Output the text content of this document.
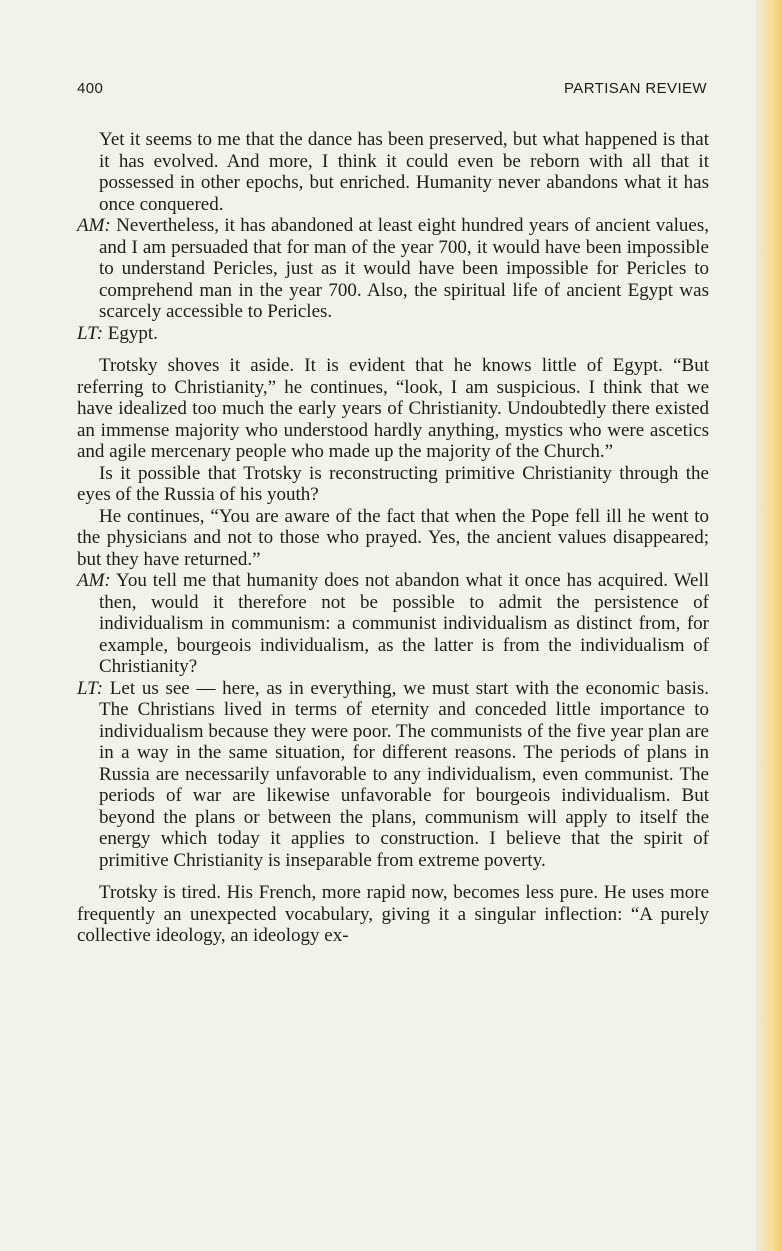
400	PARTISAN REVIEW

Yet it seems to me that the dance has been preserved, but what happened is that it has evolved. And more, I think it could even be reborn with all that it possessed in other epochs, but enriched. Humanity never abandons what it has once conquered.

AM: Nevertheless, it has abandoned at least eight hundred years of ancient values, and I am persuaded that for man of the year 700, it would have been impossible to understand Pericles, just as it would have been impossible for Pericles to comprehend man in the year 700. Also, the spiritual life of ancient Egypt was scarcely accessible to Pericles.

LT: Egypt.

Trotsky shoves it aside. It is evident that he knows little of Egypt. “But referring to Christianity,” he continues, “look, I am suspicious. I think that we have idealized too much the early years of Christianity. Undoubtedly there existed an immense majority who understood hardly anything, mystics who were ascetics and agile mercenary people who made up the majority of the Church.”

Is it possible that Trotsky is reconstructing primitive Christianity through the eyes of the Russia of his youth?

He continues, “You are aware of the fact that when the Pope fell ill he went to the physicians and not to those who prayed. Yes, the ancient values disappeared; but they have returned.”

AM: You tell me that humanity does not abandon what it once has acquired. Well then, would it therefore not be possible to admit the persistence of individualism in communism: a communist individualism as distinct from, for example, bourgeois individualism, as the latter is from the individualism of Christianity?

LT: Let us see — here, as in everything, we must start with the economic basis. The Christians lived in terms of eternity and conceded little importance to individualism because they were poor. The communists of the five year plan are in a way in the same situation, for different reasons. The periods of plans in Russia are necessarily unfavorable to any individualism, even communist. The periods of war are likewise unfavorable for bourgeois individualism. But beyond the plans or between the plans, communism will apply to itself the energy which today it applies to construction. I believe that the spirit of primitive Christianity is inseparable from extreme poverty.

Trotsky is tired. His French, more rapid now, becomes less pure. He uses more frequently an unexpected vocabulary, giving it a singular inflection: “A purely collective ideology, an ideology ex-
